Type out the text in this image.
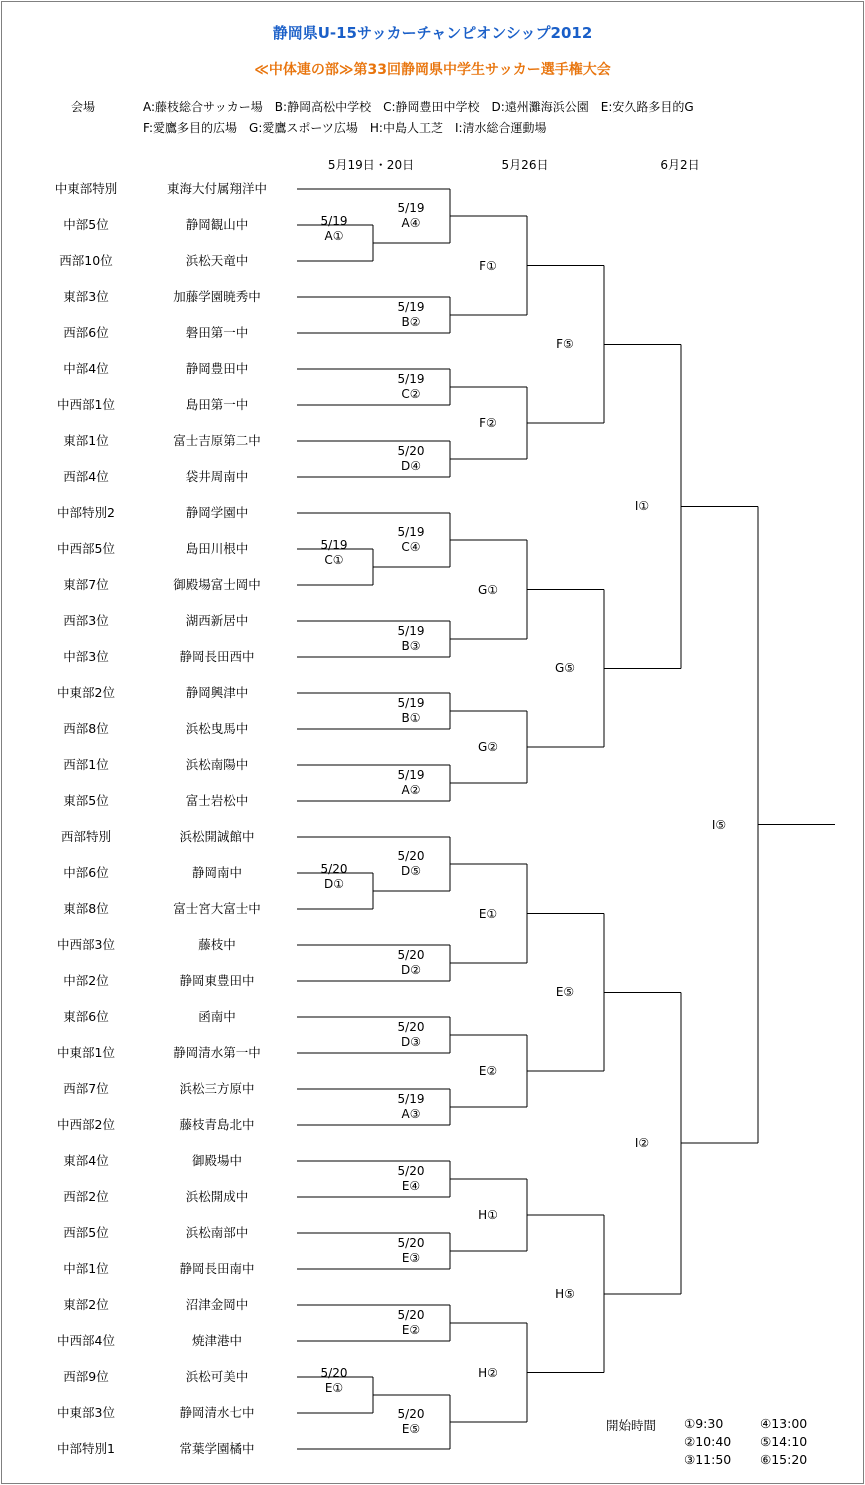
静岡県U-15サッカーチャンピオンシップ2012
≪中体連の部≫第33回静岡県中学生サッカー選手権大会
会場	A:藤枝総合サッカー場　B:静岡高松中学校　C:静岡豊田中学校　D:遠州灘海浜公園　E:安久路多目的G
F:愛鷹多目的広場　G:愛鷹スポーツ広場　H:中島人工芝　I:清水総合運動場
5月19日・20日	5月26日	6月2日
中東部特別	東海大付属翔洋中
中部5位	静岡観山中
西部10位	浜松天竜中
東部3位	加藤学園暁秀中
西部6位	磐田第一中
中部4位	静岡豊田中
中西部1位	島田第一中
東部1位	富士吉原第二中
西部4位	袋井周南中
中部特別2	静岡学園中
中西部5位	島田川根中
東部7位	御殿場富士岡中
西部3位	湖西新居中
中部3位	静岡長田西中
中東部2位	静岡興津中
西部8位	浜松曳馬中
西部1位	浜松南陽中
東部5位	富士岩松中
西部特別	浜松開誠館中
中部6位	静岡南中
東部8位	富士宮大富士中
中西部3位	藤枝中
中部2位	静岡東豊田中
東部6位	函南中
中東部1位	静岡清水第一中
西部7位	浜松三方原中
中西部2位	藤枝青島北中
東部4位	御殿場中
西部2位	浜松開成中
西部5位	浜松南部中
中部1位	静岡長田南中
東部2位	沼津金岡中
中西部4位	焼津港中
西部9位	浜松可美中
中東部3位	静岡清水七中
中部特別1	常葉学園橘中
5/19
A①
5/19
C①
5/20
D①
5/20
E①
5/19
A④
5/19
B②
5/19
C②
5/20
D④
5/19
C④
5/19
B③
5/19
B①
5/19
A②
5/20
D⑤
5/20
D②
5/20
D③
5/19
A③
5/20
E④
5/20
E③
5/20
E②
5/20
E⑤
F①
F②
G①
G②
E①
E②
H①
H②
F⑤
G⑤
E⑤
H⑤
I①
I②
I⑤
開始時間 ①9:30
②10:40
③11:50
④13:00
⑤14:10
⑥15:20
